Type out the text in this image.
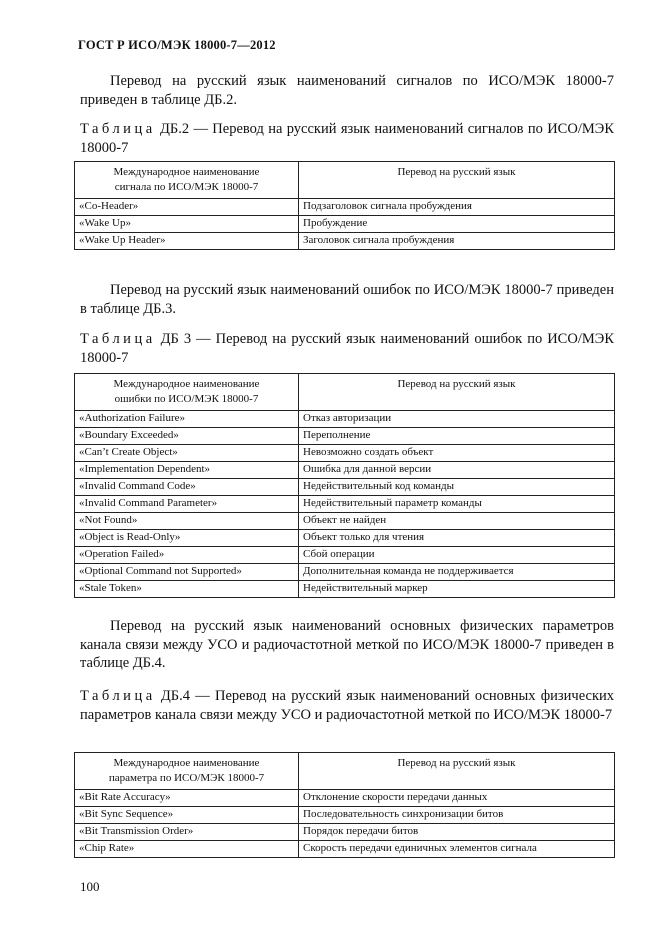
ГОСТ Р ИСО/МЭК 18000-7—2012
Перевод на русский язык наименований сигналов по ИСО/МЭК 18000-7 приведен в таблице ДБ.2.
Таблица ДБ.2 — Перевод на русский язык наименований сигналов по ИСО/МЭК 18000-7
Международное наименование сигнала по ИСО/МЭК 18000-7	Перевод на русский язык
«Co-Header»	Подзаголовок сигнала пробуждения
«Wake Up»	Пробуждение
«Wake Up Header»	Заголовок сигнала пробуждения
Перевод на русский язык наименований ошибок по ИСО/МЭК 18000-7 приведен в таблице ДБ.3.
Таблица ДБ 3 — Перевод на русский язык наименований ошибок по ИСО/МЭК 18000-7
Международное наименование ошибки по ИСО/МЭК 18000-7	Перевод на русский язык
«Authorization Failure»	Отказ авторизации
«Boundary Exceeded»	Переполнение
«Can’t Create Object»	Невозможно создать объект
«Implementation Dependent»	Ошибка для данной версии
«Invalid Command Code»	Недействительный код команды
«Invalid Command Parameter»	Недействительный параметр команды
«Not Found»	Объект не найден
«Object is Read-Only»	Объект только для чтения
«Operation Failed»	Сбой операции
«Optional Command not Supported»	Дополнительная команда не поддерживается
«Stale Token»	Недействительный маркер
Перевод на русский язык наименований основных физических параметров канала связи между УСО и радиочастотной меткой по ИСО/МЭК 18000-7 приведен в таблице ДБ.4.
Таблица ДБ.4 — Перевод на русский язык наименований основных физических параметров канала связи между УСО и радиочастотной меткой по ИСО/МЭК 18000-7
Международное наименование параметра по ИСО/МЭК 18000-7	Перевод на русский язык
«Bit Rate Accuracy»	Отклонение скорости передачи данных
«Bit Sync Sequence»	Последовательность синхронизации битов
«Bit Transmission Order»	Порядок передачи битов
«Chip Rate»	Скорость передачи единичных элементов сигнала
100
